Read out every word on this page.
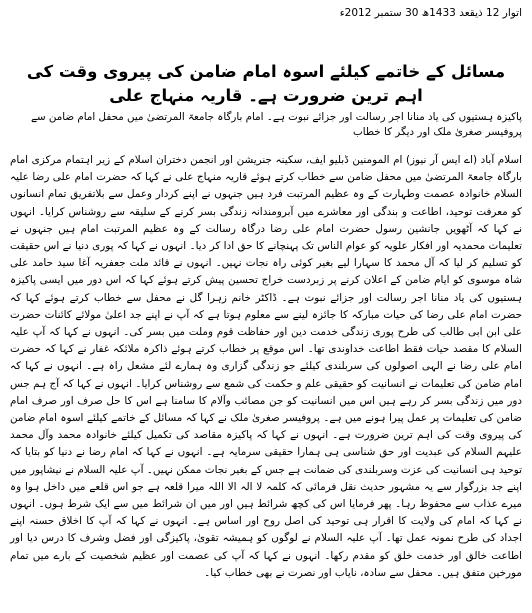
اتوار 12 ذیقعد 1433ھ 30 ستمبر 2012ء
مسائل کے خاتمے کیلئے اسوہ امام ضامن کی پیروی وقت کی اہم ترین ضرورت ہے۔ قاریہ منہاج علی
پاکیزہ ہستیوں کی یاد منانا اجر رسالت اور جزائے نبوت ہے۔ امام بارگاہ جامعۃ المرتضیٰ میں محفل امام ضامن سے پروفیسر صغریٰ ملک اور دیگر کا خطاب

اسلام آباد (اے ایس آر نیوز) ام المومنین ڈبلیو ایف، سکینہ جنریشن اور انجمن دختران اسلام کے زیر اہتمام مرکزی امام بارگاہ جامعۃ المرتضیٰ میں محفل ضامن سے خطاب کرتے ہوئے قاریہ منہاج علی نے کہا کہ حضرت امام علی رضا علیہ السلام خانوادہ عصمت وطہارت کے وہ عظیم المرتبت فرد ہیں جنہوں نے اپنے کردار وعمل سے بلاتفریق تمام انسانوں کو معرفت توحید، اطاعت و بندگی اور معاشرے میں آبرومندانہ زندگی بسر کرنے کے سلیقہ سے روشناس کرایا۔ انہوں نے کہا کہ آٹھویں جانشین رسول حضرت امام علی رضا درگاہ رسالت کے وہ عظیم المرتبت امام ہیں جنہوں نے تعلیمات محمدیہ اور افکار علویہ کو عوام الناس تک پہنچانے کا حق ادا کر دیا۔ انہوں نے کہا کہ پوری دنیا نے اس حقیقت کو تسلیم کر لیا کہ آل محمد کا سہارا لیے بغیر کوئی راہ نجات نہیں۔ انہوں نے قائد ملت جعفریہ آغا سید حامد علی شاہ موسوی کو ایام ضامن کے اعلان کرنے پر زبردست خراج تحسین پیش کرتے ہوئے کہا کہ اس دور میں ایسی پاکیزہ ہستیوں کی یاد منانا اجر رسالت اور جزائے نبوت ہے۔ ڈاکٹر خانم زہرا گل نے محفل سے خطاب کرتے ہوئے کہا کہ حضرت امام علی رضا کی حیات مبارکہ کا جائزہ لینے سے معلوم ہوتا ہے کہ آپ نے اپنے جد اعلیٰ مولائے کائنات حضرت علی ابن ابی طالب کی طرح پوری زندگی خدمت دین اور حفاظت قوم وملت میں بسر کی۔ انہوں نے کہا کہ آپ علیہ السلام کا مقصد حیات فقط اطاعت خداوندی تھا۔ اس موقع پر خطاب کرتے ہوئے ذاکرہ ملائکہ غفار نے کہا کہ حضرت امام علی رضا نے الہی اصولوں کی سربلندی کیلئے جو زندگی گزاری وہ ہمارے لئے مشعل راہ ہے۔ انہوں نے کہا کہ امام ضامن کی تعلیمات نے انسانیت کو حقیقی علم و حکمت کی شمع سے روشناس کرایا۔ انہوں نے کہا کہ آج ہم جس دور میں زندگی بسر کر رہے ہیں اس میں انسانیت کو جن مصائب وآلام کا سامنا ہے اس کا حل صرف اور صرف امام ضامن کی تعلیمات پر عمل پیرا ہونے میں ہے۔ پروفیسر صغریٰ ملک نے کہا کہ مسائل کے خاتمے کیلئے اسوہ امام ضامن کی پیروی وقت کی اہم ترین ضرورت ہے۔ انہوں نے کہا کہ پاکیزہ مقاصد کی تکمیل کیلئے خانوادہ محمد وآل محمد علیہم السلام کی عبدیت اور حق شناسی ہی ہمارا حقیقی سرمایہ ہے۔ انہوں نے کہا کہ امام رضا نے دنیا کو بتایا کہ توحید ہی انسانیت کی عزت وسربلندی کی ضمانت ہے جس کے بغیر نجات ممکن نہیں۔ آپ علیہ السلام نے نیشاپور میں اپنے جد بزرگوار سے یہ مشہور حدیث نقل فرمائی کہ کلمہ لا الہ الا اللہ میرا قلعہ ہے جو اس قلعے میں داخل ہوا وہ میرے عذاب سے محفوظ رہا۔ پھر فرمایا اس کی کچھ شرائط ہیں اور میں ان شرائط میں سے ایک شرط ہوں۔ انہوں نے کہا کہ امام کی ولایت کا اقرار ہی توحید کی اصل روح اور اساس ہے۔ انہوں نے کہا کہ آپ کا اخلاق حسنہ اپنے اجداد کی طرح نمونہ عمل تھا۔ آپ علیہ السلام نے لوگوں کو ہمیشہ تقویٰ، پاکیزگی اور فضل وشرف کا درس دیا اور اطاعت خالق اور خدمت خلق کو مقدم رکھا۔ انہوں نے کہا کہ آپ کی عصمت اور عظیم شخصیت کے بارے میں تمام مورخین متفق ہیں۔ محفل سے سادہ، نایاب اور نصرت نے بھی خطاب کیا۔
